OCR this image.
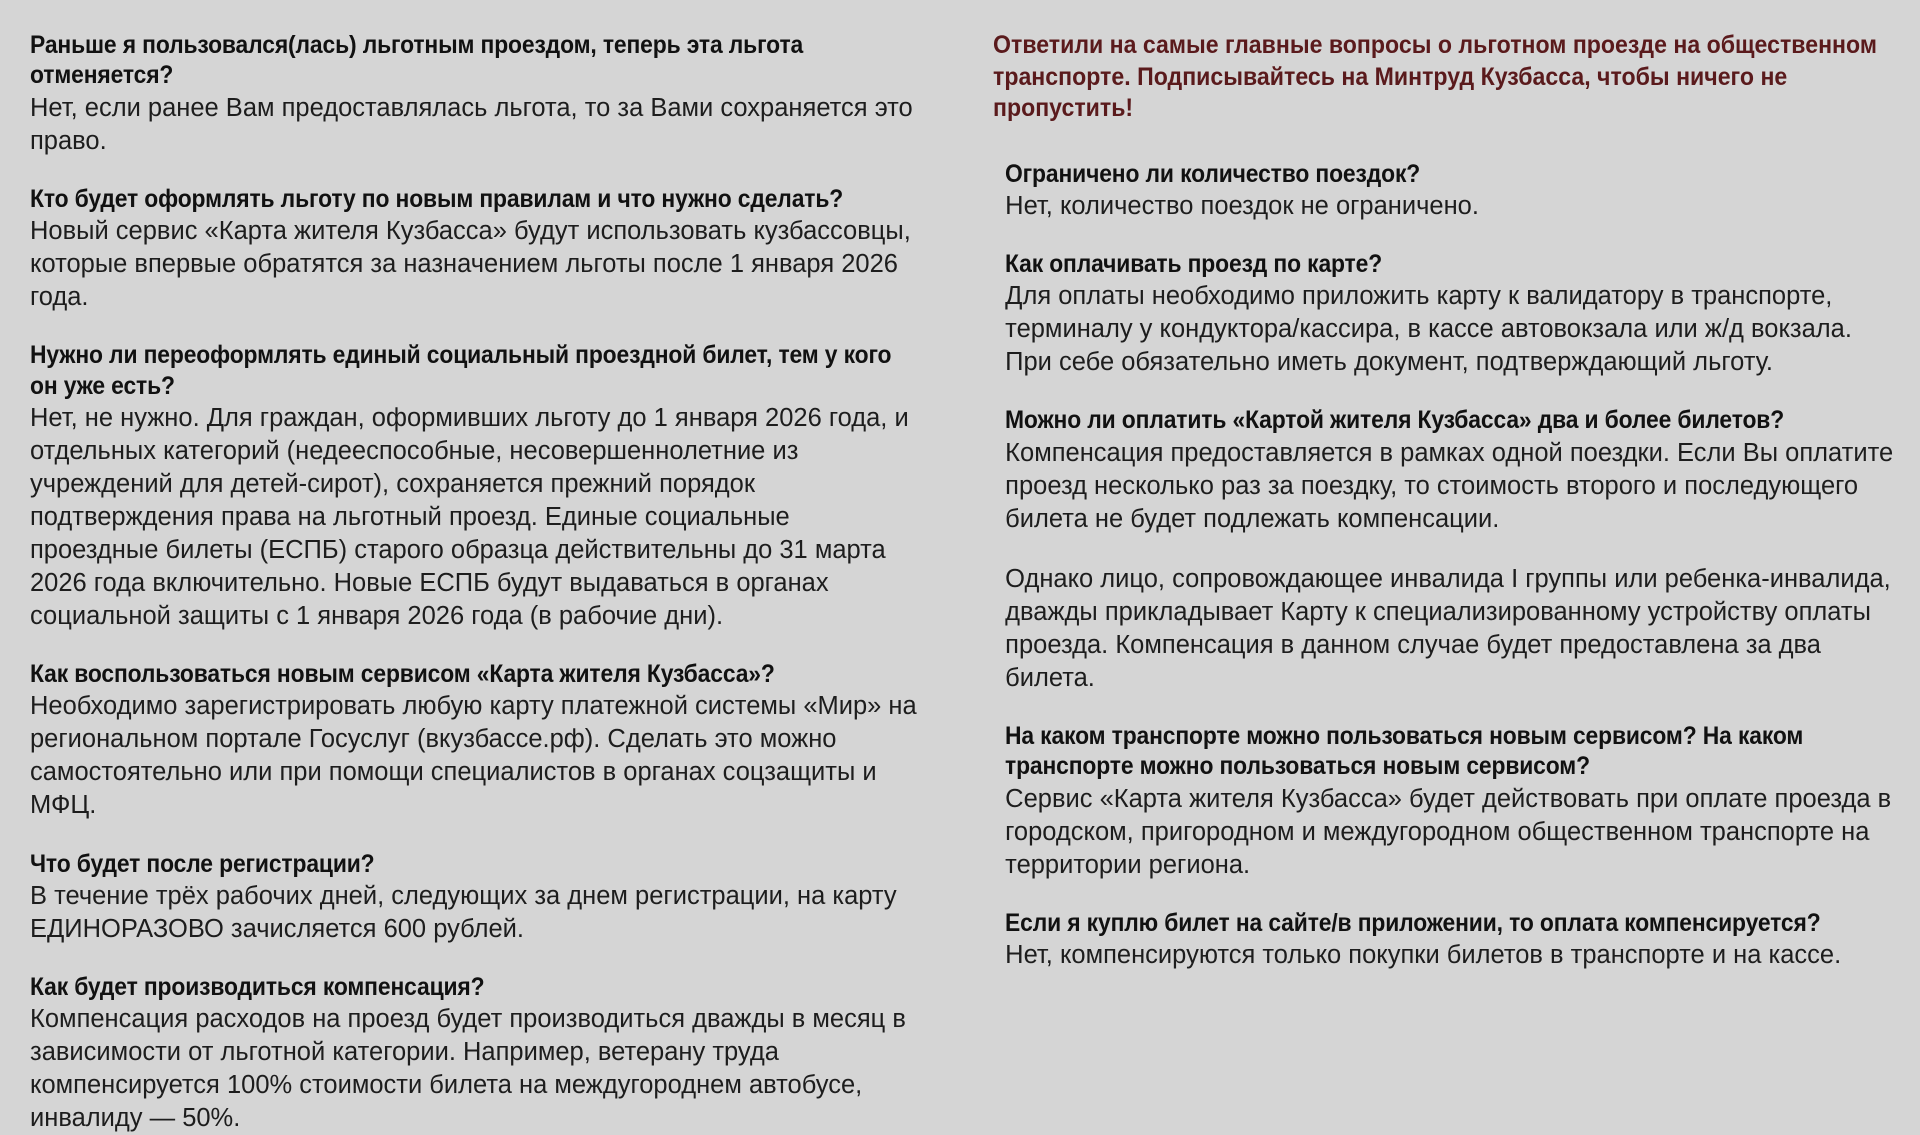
Раньше я пользовался(лась) льготным проездом, теперь эта льгота отменяется?

Нет, если ранее Вам предоставлялась льгота, то за Вами сохраняется это право.

Кто будет оформлять льготу по новым правилам и что нужно сделать?

Новый сервис «Карта жителя Кузбасса» будут использовать кузбассовцы, которые впервые обратятся за назначением льготы после 1 января 2026 года.

Нужно ли переоформлять единый социальный проездной билет, тем у кого он уже есть?

Нет, не нужно. Для граждан, оформивших льготу до 1 января 2026 года, и отдельных категорий (недееспособные, несовершеннолетние из учреждений для детей-сирот), сохраняется прежний порядок подтверждения права на льготный проезд. Единые социальные проездные билеты (ЕСПБ) старого образца действительны до 31 марта 2026 года включительно. Новые ЕСПБ будут выдаваться в органах социальной защиты с 1 января 2026 года (в рабочие дни).

Как воспользоваться новым сервисом «Карта жителя Кузбасса»?

Необходимо зарегистрировать любую карту платежной системы «Мир» на региональном портале Госуслуг (вкузбассе.рф). Сделать это можно самостоятельно или при помощи специалистов в органах соцзащиты и МФЦ.

Что будет после регистрации?

В течение трёх рабочих дней, следующих за днем регистрации, на карту ЕДИНОРАЗОВО зачисляется 600 рублей.

Как будет производиться компенсация?

Компенсация расходов на проезд будет производиться дважды в месяц в зависимости от льготной категории. Например, ветерану труда компенсируется 100% стоимости билета на междугороднем автобусе, инвалиду — 50%.

Ответили на самые главные вопросы о льготном проезде на общественном транспорте. Подписывайтесь на Минтруд Кузбасса, чтобы ничего не пропустить!

Ограничено ли количество поездок?

Нет, количество поездок не ограничено.

Как оплачивать проезд по карте?

Для оплаты необходимо приложить карту к валидатору в транспорте, терминалу у кондуктора/кассира, в кассе автовокзала или ж/д вокзала. При себе обязательно иметь документ, подтверждающий льготу.

Можно ли оплатить «Картой жителя Кузбасса» два и более билетов?

Компенсация предоставляется в рамках одной поездки. Если Вы оплатите проезд несколько раз за поездку, то стоимость второго и последующего билета не будет подлежать компенсации.

Однако лицо, сопровождающее инвалида I группы или ребенка-инвалида, дважды прикладывает Карту к специализированному устройству оплаты проезда. Компенсация в данном случае будет предоставлена за два билета.

На каком транспорте можно пользоваться новым сервисом? На каком транспорте можно пользоваться новым сервисом?

Сервис «Карта жителя Кузбасса» будет действовать при оплате проезда в городском, пригородном и междугородном общественном транспорте на территории региона.

Если я куплю билет на сайте/в приложении, то оплата компенсируется?

Нет, компенсируются только покупки билетов в транспорте и на кассе.
